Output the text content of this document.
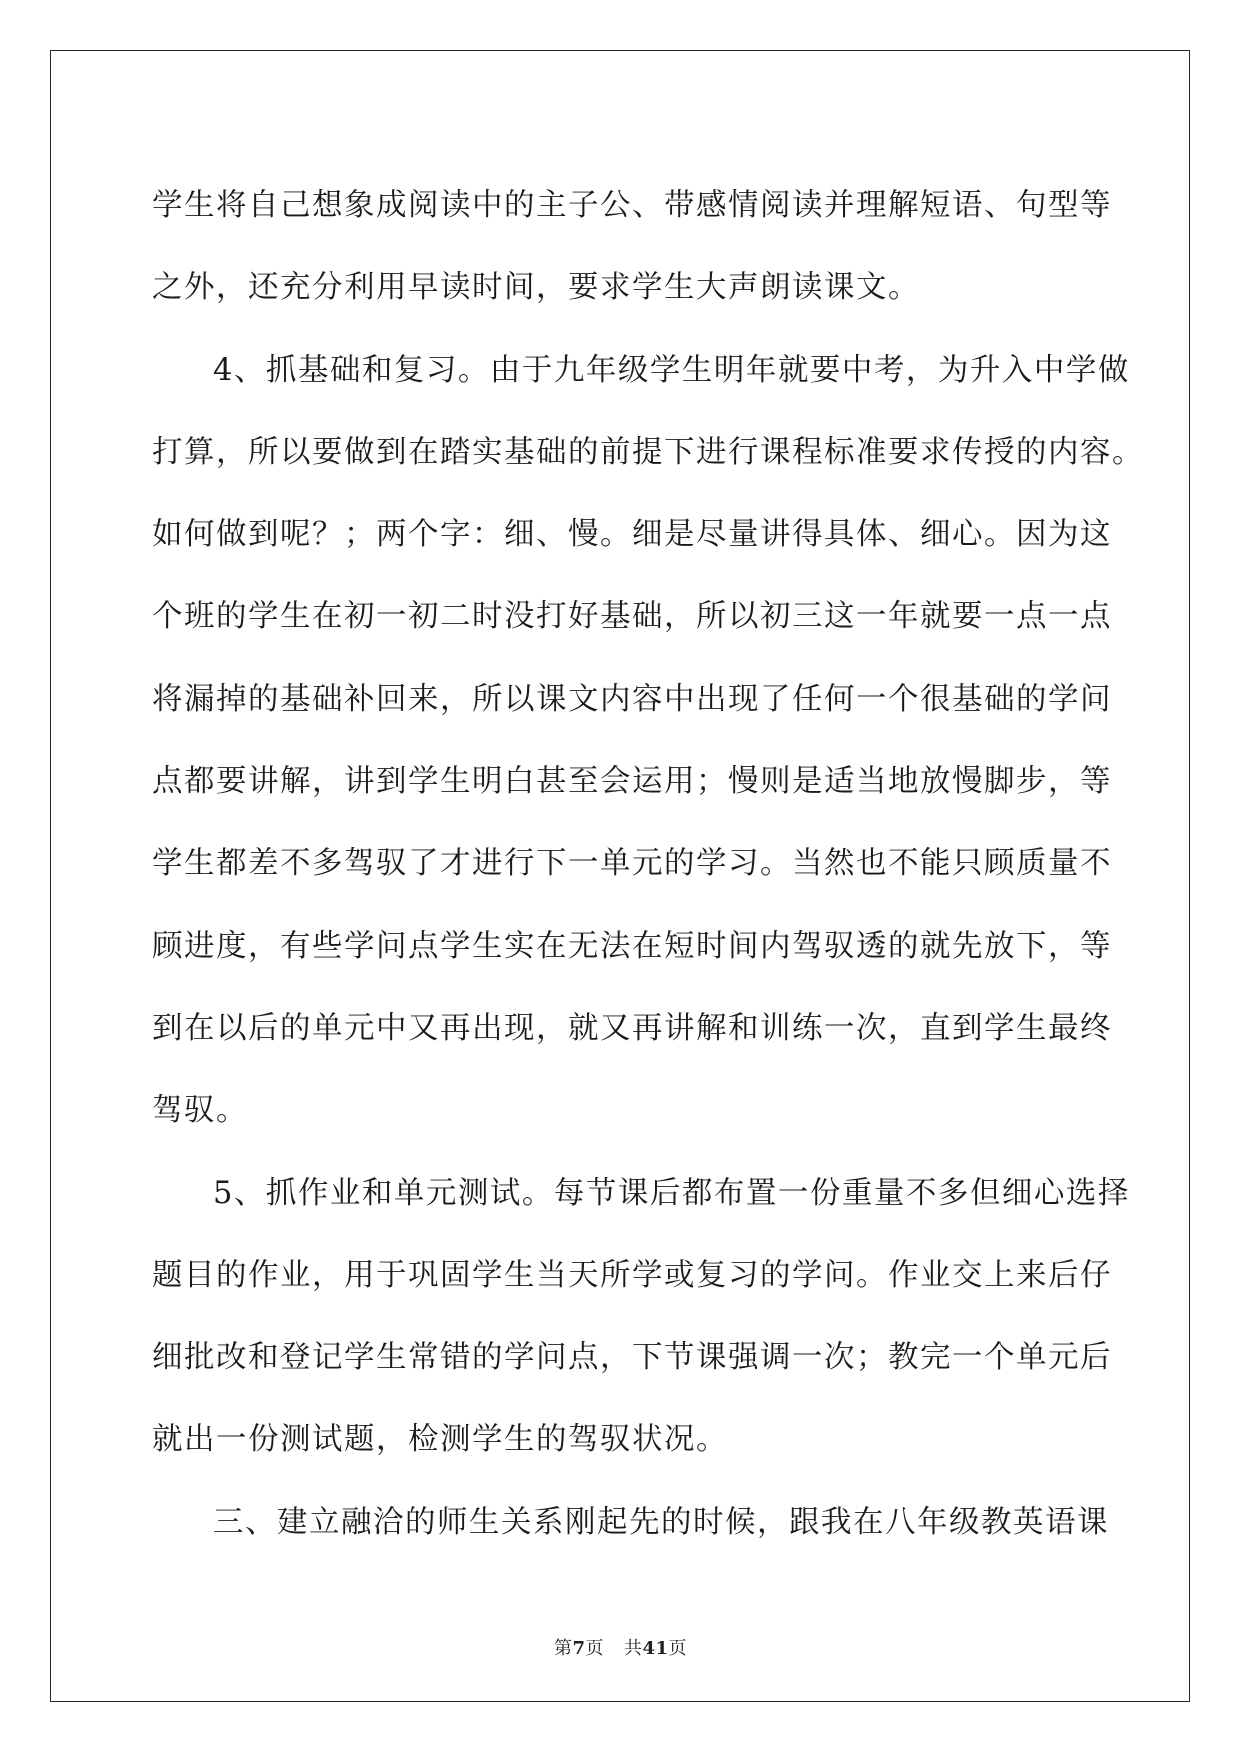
学生将自己想象成阅读中的主子公、带感情阅读并理解短语、句型等
之外，还充分利用早读时间，要求学生大声朗读课文。
4、抓基础和复习。由于九年级学生明年就要中考，为升入中学做
打算，所以要做到在踏实基础的前提下进行课程标准要求传授的内容。
如何做到呢？；两个字：细、慢。细是尽量讲得具体、细心。因为这
个班的学生在初一初二时没打好基础，所以初三这一年就要一点一点
将漏掉的基础补回来，所以课文内容中出现了任何一个很基础的学问
点都要讲解，讲到学生明白甚至会运用；慢则是适当地放慢脚步，等
学生都差不多驾驭了才进行下一单元的学习。当然也不能只顾质量不
顾进度，有些学问点学生实在无法在短时间内驾驭透的就先放下，等
到在以后的单元中又再出现，就又再讲解和训练一次，直到学生最终
驾驭。
5、抓作业和单元测试。每节课后都布置一份重量不多但细心选择
题目的作业，用于巩固学生当天所学或复习的学问。作业交上来后仔
细批改和登记学生常错的学问点，下节课强调一次；教完一个单元后
就出一份测试题，检测学生的驾驭状况。
三、建立融洽的师生关系刚起先的时候，跟我在八年级教英语课
第7页 共41页
